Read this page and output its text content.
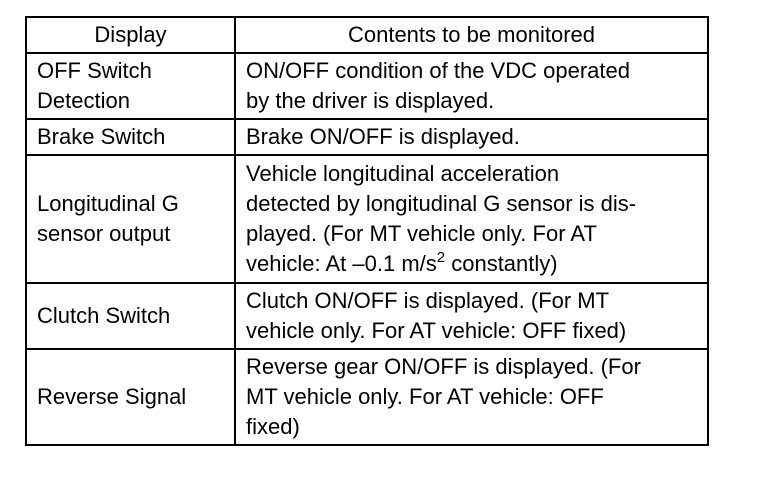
Display	Contents to be monitored
OFF Switch
Detection	ON/OFF condition of the VDC operated
by the driver is displayed.
Brake Switch	Brake ON/OFF is displayed.
Longitudinal G
sensor output	Vehicle longitudinal acceleration
detected by longitudinal G sensor is dis-
played. (For MT vehicle only. For AT
vehicle: At –0.1 $m/s^2$ constantly)
Clutch Switch	Clutch ON/OFF is displayed. (For MT
vehicle only. For AT vehicle: OFF fixed)
Reverse Signal	Reverse gear ON/OFF is displayed. (For
MT vehicle only. For AT vehicle: OFF
fixed)
